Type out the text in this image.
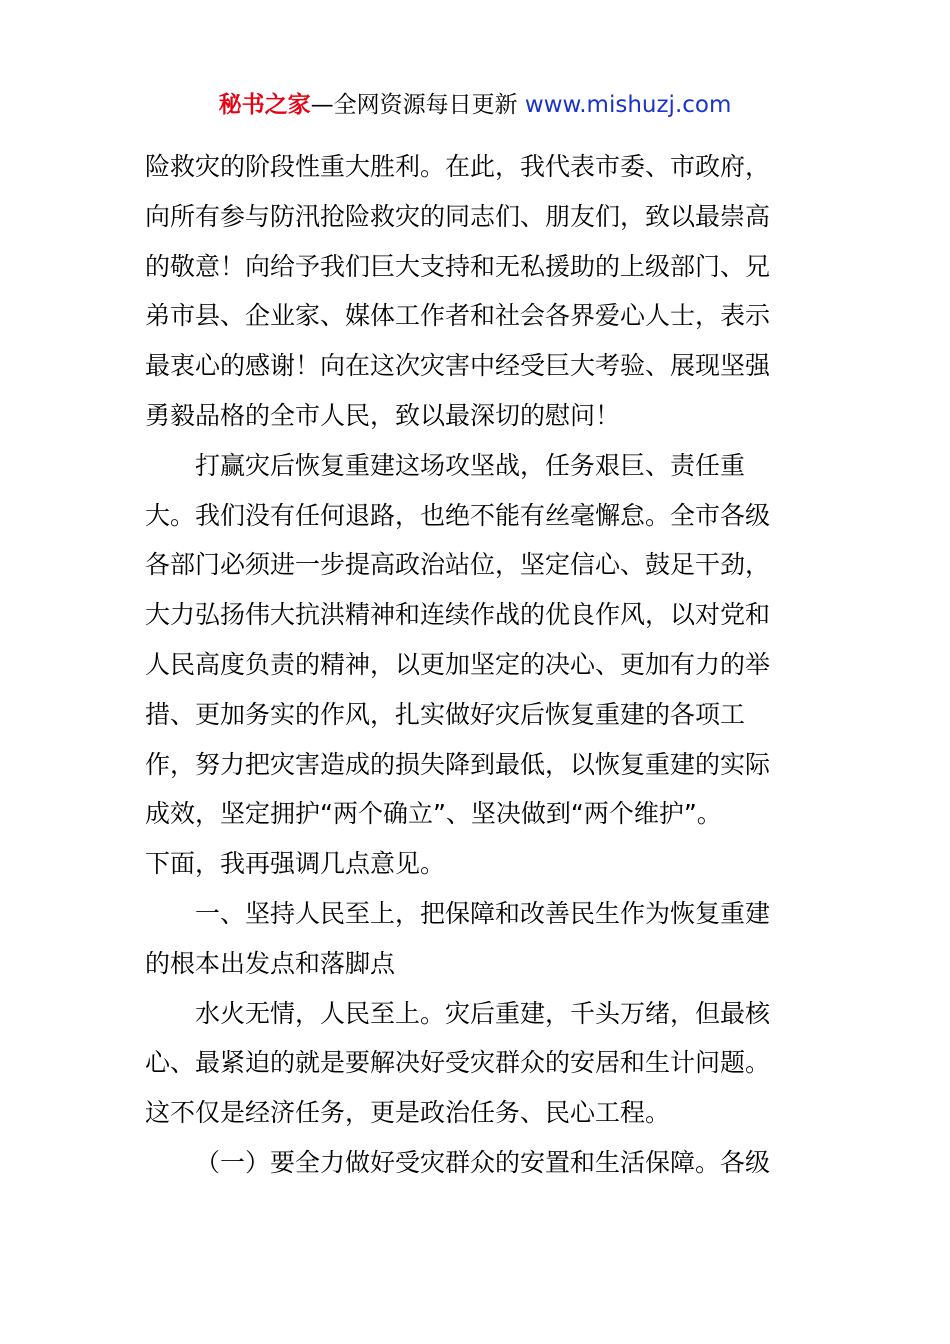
秘书之家—全网资源每日更新 www.mishuzj.com
险救灾的阶段性重大胜利。在此，我代表市委、市政府，
向所有参与防汛抢险救灾的同志们、朋友们，致以最崇高
的敬意！向给予我们巨大支持和无私援助的上级部门、兄
弟市县、企业家、媒体工作者和社会各界爱心人士，表示
最衷心的感谢！向在这次灾害中经受巨大考验、展现坚强
勇毅品格的全市人民，致以最深切的慰问！
打赢灾后恢复重建这场攻坚战，任务艰巨、责任重
大。我们没有任何退路，也绝不能有丝毫懈怠。全市各级
各部门必须进一步提高政治站位，坚定信心、鼓足干劲，
大力弘扬伟大抗洪精神和连续作战的优良作风，以对党和
人民高度负责的精神，以更加坚定的决心、更加有力的举
措、更加务实的作风，扎实做好灾后恢复重建的各项工
作，努力把灾害造成的损失降到最低，以恢复重建的实际
成效，坚定拥护“两个确立”、坚决做到“两个维护”。
下面，我再强调几点意见。
一、坚持人民至上，把保障和改善民生作为恢复重建
的根本出发点和落脚点
水火无情，人民至上。灾后重建，千头万绪，但最核
心、最紧迫的就是要解决好受灾群众的安居和生计问题。
这不仅是经济任务，更是政治任务、民心工程。
（一）要全力做好受灾群众的安置和生活保障。各级
